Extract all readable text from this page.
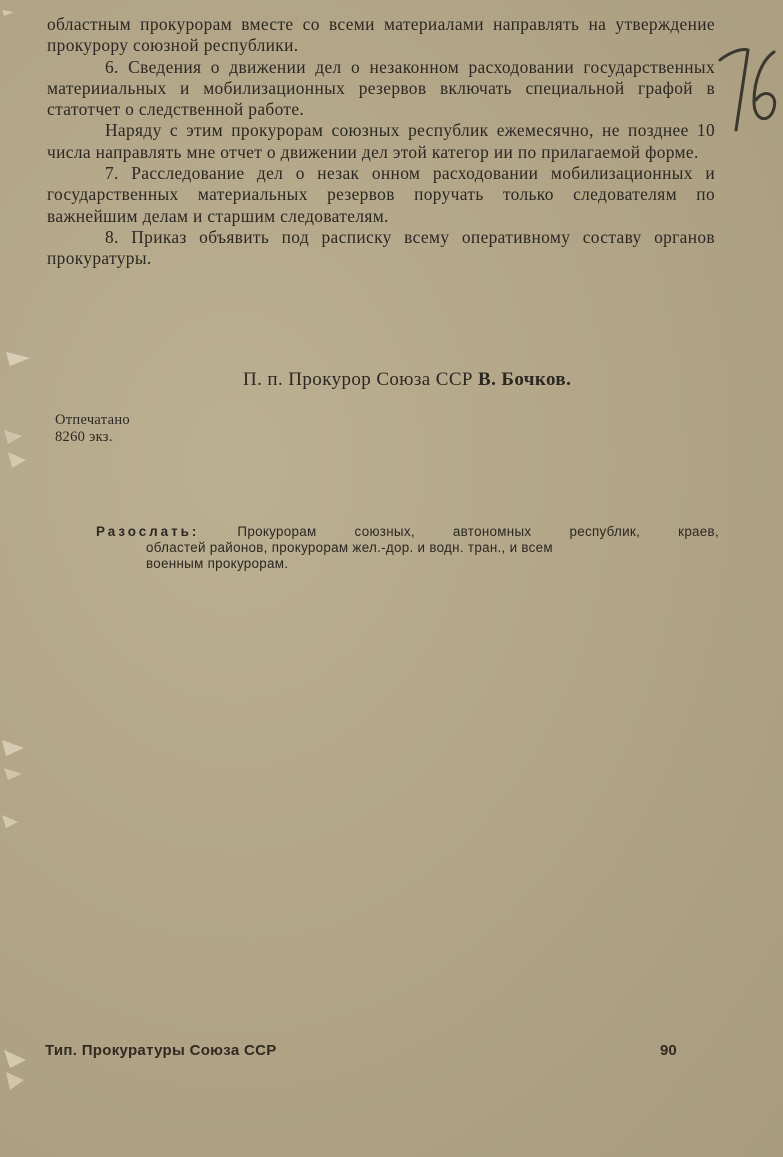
областным прокурорам вместе со всеми материалами направлять на утверждение прокурору союзной республики.

6. Сведения о движении дел о незаконном расходовании государственных материиальных и мобилизационных резервов включать специальной графой в статотчет о следственной работе.

Наряду с этим прокурорам союзных республик ежемесячно, не позднее 10 числа направлять мне отчет о движении дел этой категор ии по прилагаемой форме.

7. Расследование дел о незак онном расходовании мобилизационных и государственных материальных резервов поручать только следователям по важнейшим делам и старшим следователям.

8. Приказ объявить под расписку всему оперативному составу органов прокуратуры.

П. п. Прокурор Союза ССР В. Бочков.
Отпечатано
8260 экз.
Разослать:	Прокурорам союзных, автономных республик, краев,
областей районов, прокурорам жел.-дор. и водн. тран., и всем
военным прокурорам.
Тип. Прокуратуры Союза ССР	90
